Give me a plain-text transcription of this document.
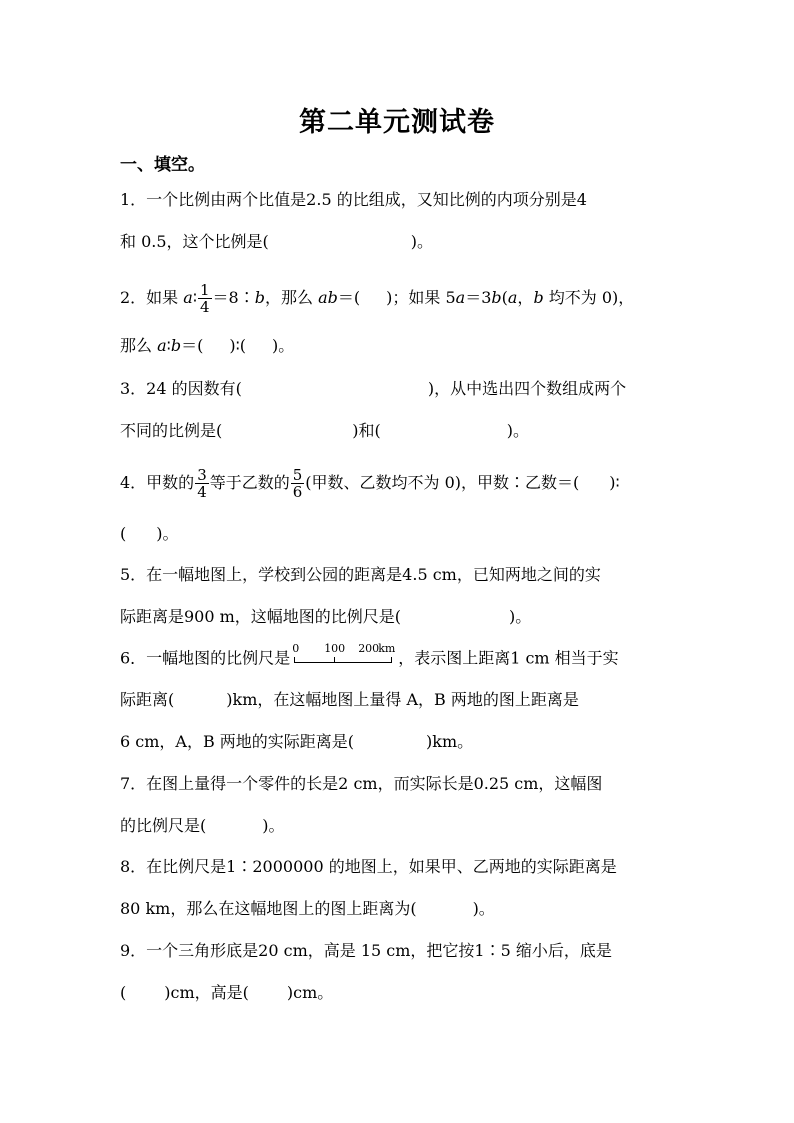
第二单元测试卷
一、填空。
1．一个比例由两个比值是2.5 的比组成，又知比例的内项分别是4
和 0.5，这个比例是(	)。
2．如果 a∶ $\frac{1}{4}$ ＝8∶b，那么 ab＝( )；如果 5a＝3b(a，b 均不为 0)，
那么 a∶b＝( )∶( )。
3．24 的因数有(	)，从中选出四个数组成两个
不同的比例是(	)和(	)。
4．甲数的 $\frac{3}{4}$ 等于乙数的 $\frac{5}{6}$ (甲数、乙数均不为 0)，甲数∶乙数＝( )∶
( )。
5．在一幅地图上，学校到公园的距离是4.5 cm，已知两地之间的实
际距离是900 m，这幅地图的比例尺是(	)。
6．一幅地图的比例尺是 0 100 200 km ，表示图上距离1 cm 相当于实
际距离(	)km，在这幅地图上量得 A，B 两地的图上距离是
6 cm，A，B 两地的实际距离是(	)km。
7．在图上量得一个零件的长是2 cm，而实际长是0.25 cm，这幅图
的比例尺是(	)。
8．在比例尺是1∶2000000 的地图上，如果甲、乙两地的实际距离是
80 km，那么在这幅地图上的图上距离为(	)。
9．一个三角形底是20 cm，高是 15 cm，把它按1∶5 缩小后，底是
( )cm，高是( )cm。
